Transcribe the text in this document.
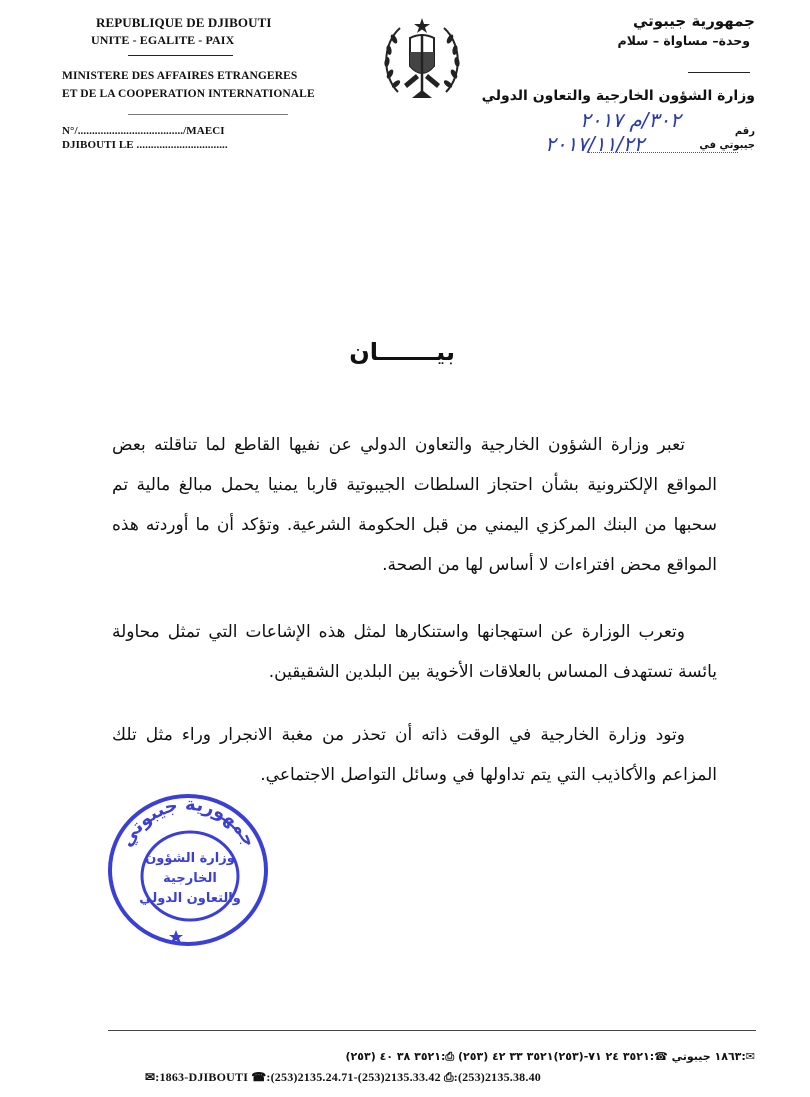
REPUBLIQUE DE DJIBOUTI
UNITE - EGALITE - PAIX
MINISTERE DES AFFAIRES ETRANGERES
ET DE LA COOPERATION INTERNATIONALE
N°/...................................../MAECI
DJIBOUTI LE ................................
جمهورية جيبوتي
وحدة– مساواة – سلام
وزارة الشؤون الخارجية والتعاون الدولي
رقم
جيبوتي في
٣٠٢/م ٢٠١٧
٢٠١٧/١١/٢٢
بيـــــــان
تعبر وزارة الشؤون الخارجية والتعاون الدولي عن نفيها القاطع لما تناقلته بعض المواقع الإلكترونية بشأن احتجاز السلطات الجيبوتية قاربا يمنيا يحمل مبالغ مالية تم سحبها من البنك المركزي اليمني من قبل الحكومة الشرعية. وتؤكد أن ما أوردته هذه المواقع محض افتراءات لا أساس لها من الصحة.
وتعرب الوزارة عن استهجانها واستنكارها لمثل هذه الإشاعات التي تمثل محاولة يائسة تستهدف المساس بالعلاقات الأخوية بين البلدين الشقيقين.
وتود وزارة الخارجية في الوقت ذاته أن تحذر من مغبة الانجرار وراء مثل تلك المزاعم والأكاذيب التي يتم تداولها في وسائل التواصل الاجتماعي.
جمهورية جيبوتي
وزارة الشؤون
الخارجية
والتعاون الدولي
✉:١٨٦٣ جيبوتي ☎:٣٥٢١ ٢٤ ٧١-(٢٥٣)٣٥٢١ ٣٣ ٤٢ (٢٥٣) ⎙:٣٥٢١ ٣٨ ٤٠ (٢٥٣)
✉:1863-DJIBOUTI ☎:(253)2135.24.71-(253)2135.33.42 ⎙:(253)2135.38.40
